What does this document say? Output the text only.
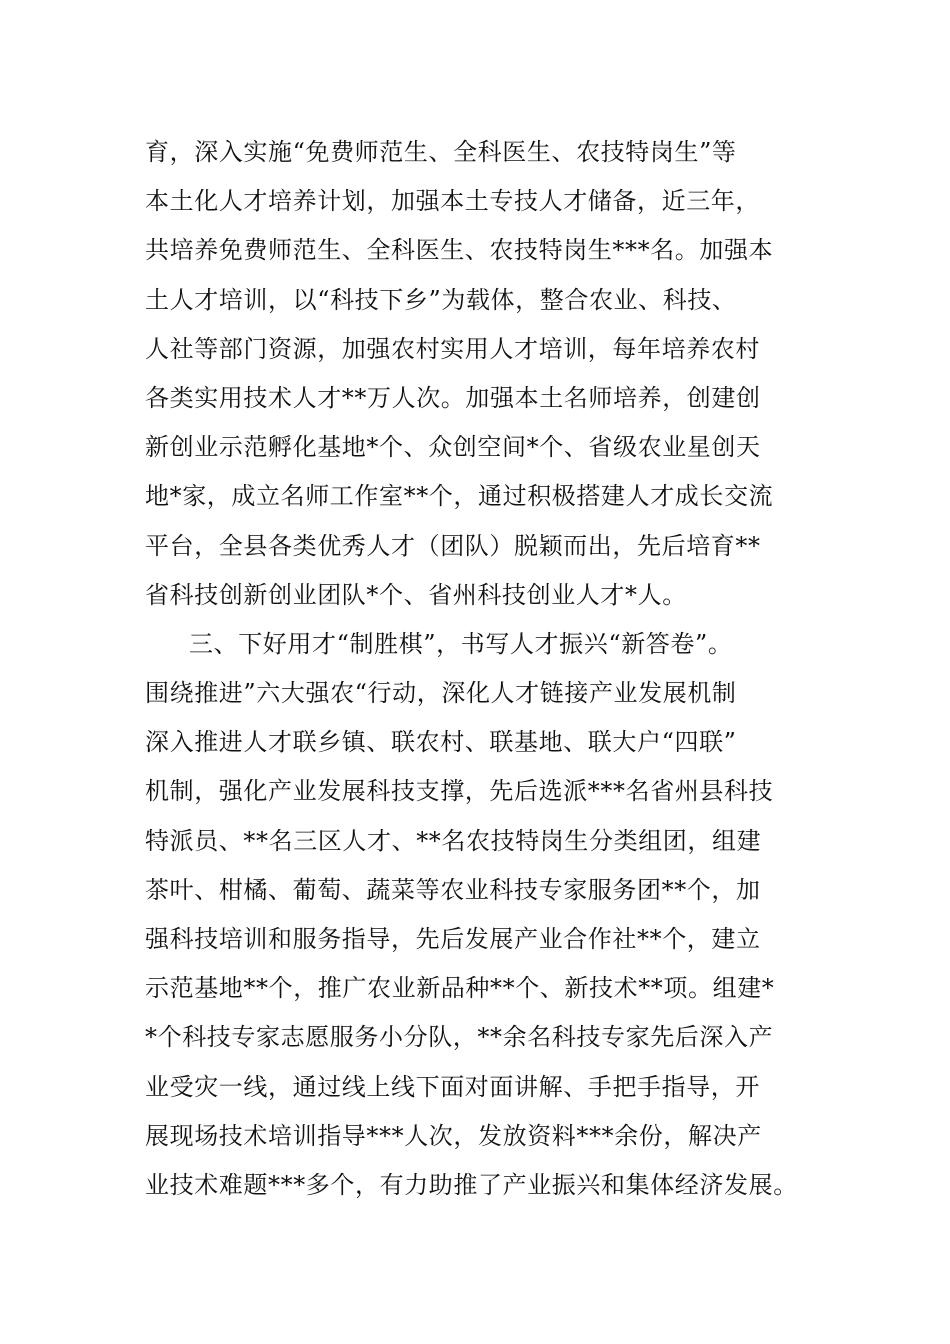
育，深入实施“免费师范生、全科医生、农技特岗生”等
本土化人才培养计划，加强本土专技人才储备，近三年，
共培养免费师范生、全科医生、农技特岗生***名。加强本
土人才培训，以“科技下乡”为载体，整合农业、科技、
人社等部门资源，加强农村实用人才培训，每年培养农村
各类实用技术人才**万人次。加强本土名师培养，创建创
新创业示范孵化基地*个、众创空间*个、省级农业星创天
地*家，成立名师工作室**个，通过积极搭建人才成长交流
平台，全县各类优秀人才（团队）脱颖而出，先后培育**
省科技创新创业团队*个、省州科技创业人才*人。
三、下好用才“制胜棋”，书写人才振兴“新答卷”。
围绕推进”六大强农“行动，深化人才链接产业发展机制
深入推进人才联乡镇、联农村、联基地、联大户“四联”
机制，强化产业发展科技支撑，先后选派***名省州县科技
特派员、**名三区人才、**名农技特岗生分类组团，组建
茶叶、柑橘、葡萄、蔬菜等农业科技专家服务团**个，加
强科技培训和服务指导，先后发展产业合作社**个，建立
示范基地**个，推广农业新品种**个、新技术**项。组建*
*个科技专家志愿服务小分队，**余名科技专家先后深入产
业受灾一线，通过线上线下面对面讲解、手把手指导，开
展现场技术培训指导***人次，发放资料***余份，解决产
业技术难题***多个，有力助推了产业振兴和集体经济发展。
